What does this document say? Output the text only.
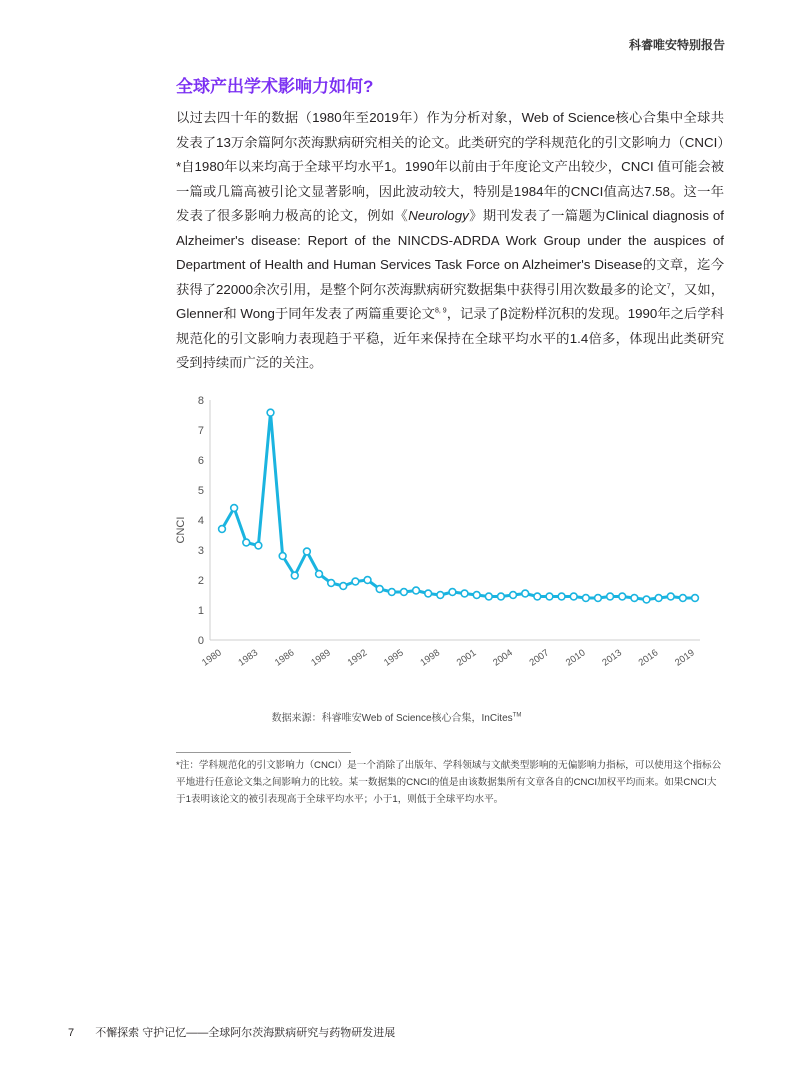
科睿唯安特别报告
全球产出学术影响力如何?

以过去四十年的数据（1980年至2019年）作为分析对象，Web of Science核心合集中全球共发表了13万余篇阿尔茨海默病研究相关的论文。此类研究的学科规范化的引文影响力（CNCI）*自1980年以来均高于全球平均水平1。1990年以前由于年度论文产出较少，CNCI 值可能会被一篇或几篇高被引论文显著影响，因此波动较大，特别是1984年的CNCI值高达7.58。这一年发表了很多影响力极高的论文，例如《Neurology》期刊发表了一篇题为Clinical diagnosis of Alzheimer's disease: Report of the NINCDS-ADRDA Work Group under the auspices of Department of Health and Human Services Task Force on Alzheimer's Disease的文章，迄今获得了22000余次引用，是整个阿尔茨海默病研究数据集中获得引用次数最多的论文$^7$，又如，Glenner和 Wong于同年发表了两篇重要论文$^{8, 9}$，记录了β淀粉样沉积的发现。1990年之后学科规范化的引文影响力表现趋于平稳，近年来保持在全球平均水平的1.4倍多，体现出此类研究受到持续而广泛的关注。

0
1
2
3
4
5
6
7
8
CNCI
1980 1983 1986 1989 1992 1995 1998 2001 2004 2007 2010 2013 2016 2019
数据来源：科睿唯安Web of Science核心合集，InCites™
*注：学科规范化的引文影响力（CNCI）是一个消除了出版年、学科领域与文献类型影响的无偏影响力指标，可以使用这个指标公平地进行任意论文集之间影响力的比较。某一数据集的CNCI的值是由该数据集所有文章各自的CNCI加权平均而来。如果CNCI大于1表明该论文的被引表现高于全球平均水平；小于1，则低于全球平均水平。
7 不懈探索 守护记忆——全球阿尔茨海默病研究与药物研发进展
